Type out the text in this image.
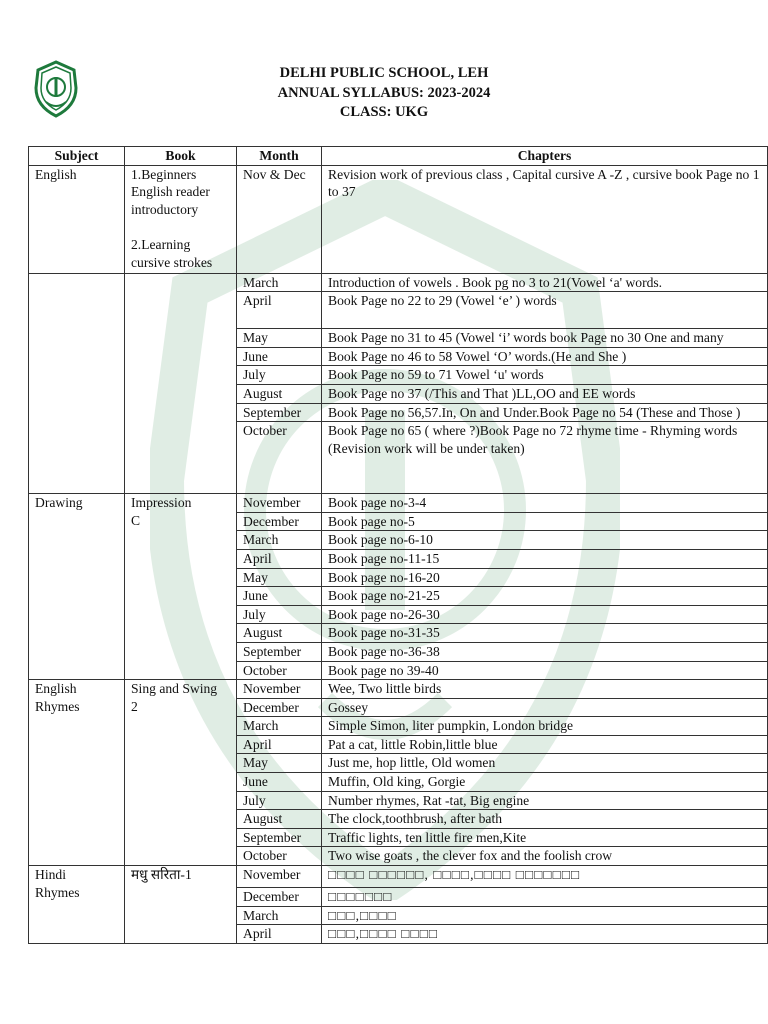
DELHI PUBLIC SCHOOL, LEH
ANNUAL SYLLABUS: 2023-2024
CLASS: UKG
Subject	Book	Month	Chapters
English	1.Beginners
English reader
introductory

2.Learning
cursive strokes	Nov & Dec	Revision work of previous class , Capital cursive A -Z , cursive book Page no 1 to 37
		March	Introduction of vowels . Book pg no 3 to 21(Vowel ‘a' words.
		April	Book Page no 22 to 29 (Vowel ‘e’ ) words
		May	Book Page no 31 to 45 (Vowel ‘i’ words book Page no 30 One and many
		June	Book Page no 46 to 58 Vowel ‘O’ words.(He and She )
		July	Book Page no 59 to 71 Vowel ‘u' words
		August	Book Page no 37 (/This and That )LL,OO and EE words
		September	Book Page no 56,57.In, On and Under.Book Page no 54 (These and Those )
		October	Book Page no 65 ( where ?)Book Page no 72 rhyme time - Rhyming words
(Revision work will be under taken)
Drawing	Impression
C	November	Book page no-3-4
		December	Book page no-5
		March	Book page no-6-10
		April	Book page no-11-15
		May	Book page no-16-20
		June	Book page no-21-25
		July	Book page no-26-30
		August	Book page no-31-35
		September	Book page no-36-38
		October	Book page no 39-40
English
Rhymes	Sing and Swing
2	November	Wee, Two little birds
		December	Gossey
		March	Simple Simon, liter pumpkin, London bridge
		April	Pat a cat, little Robin,little blue
		May	Just me, hop little, Old women
		June	Muffin, Old king, Gorgie
		July	Number rhymes, Rat -tat, Big engine
		August	The clock,toothbrush, after bath
		September	Traffic lights, ten little fire men,Kite
		October	Two wise goats , the clever fox and the foolish crow
Hindi
Rhymes	मधु सरिता-1	November	□□□□ □□□□□□, □□□□,□□□□ □□□□□□□
		December	□□□□□□□
		March	□□□,□□□□
		April	□□□,□□□□ □□□□
